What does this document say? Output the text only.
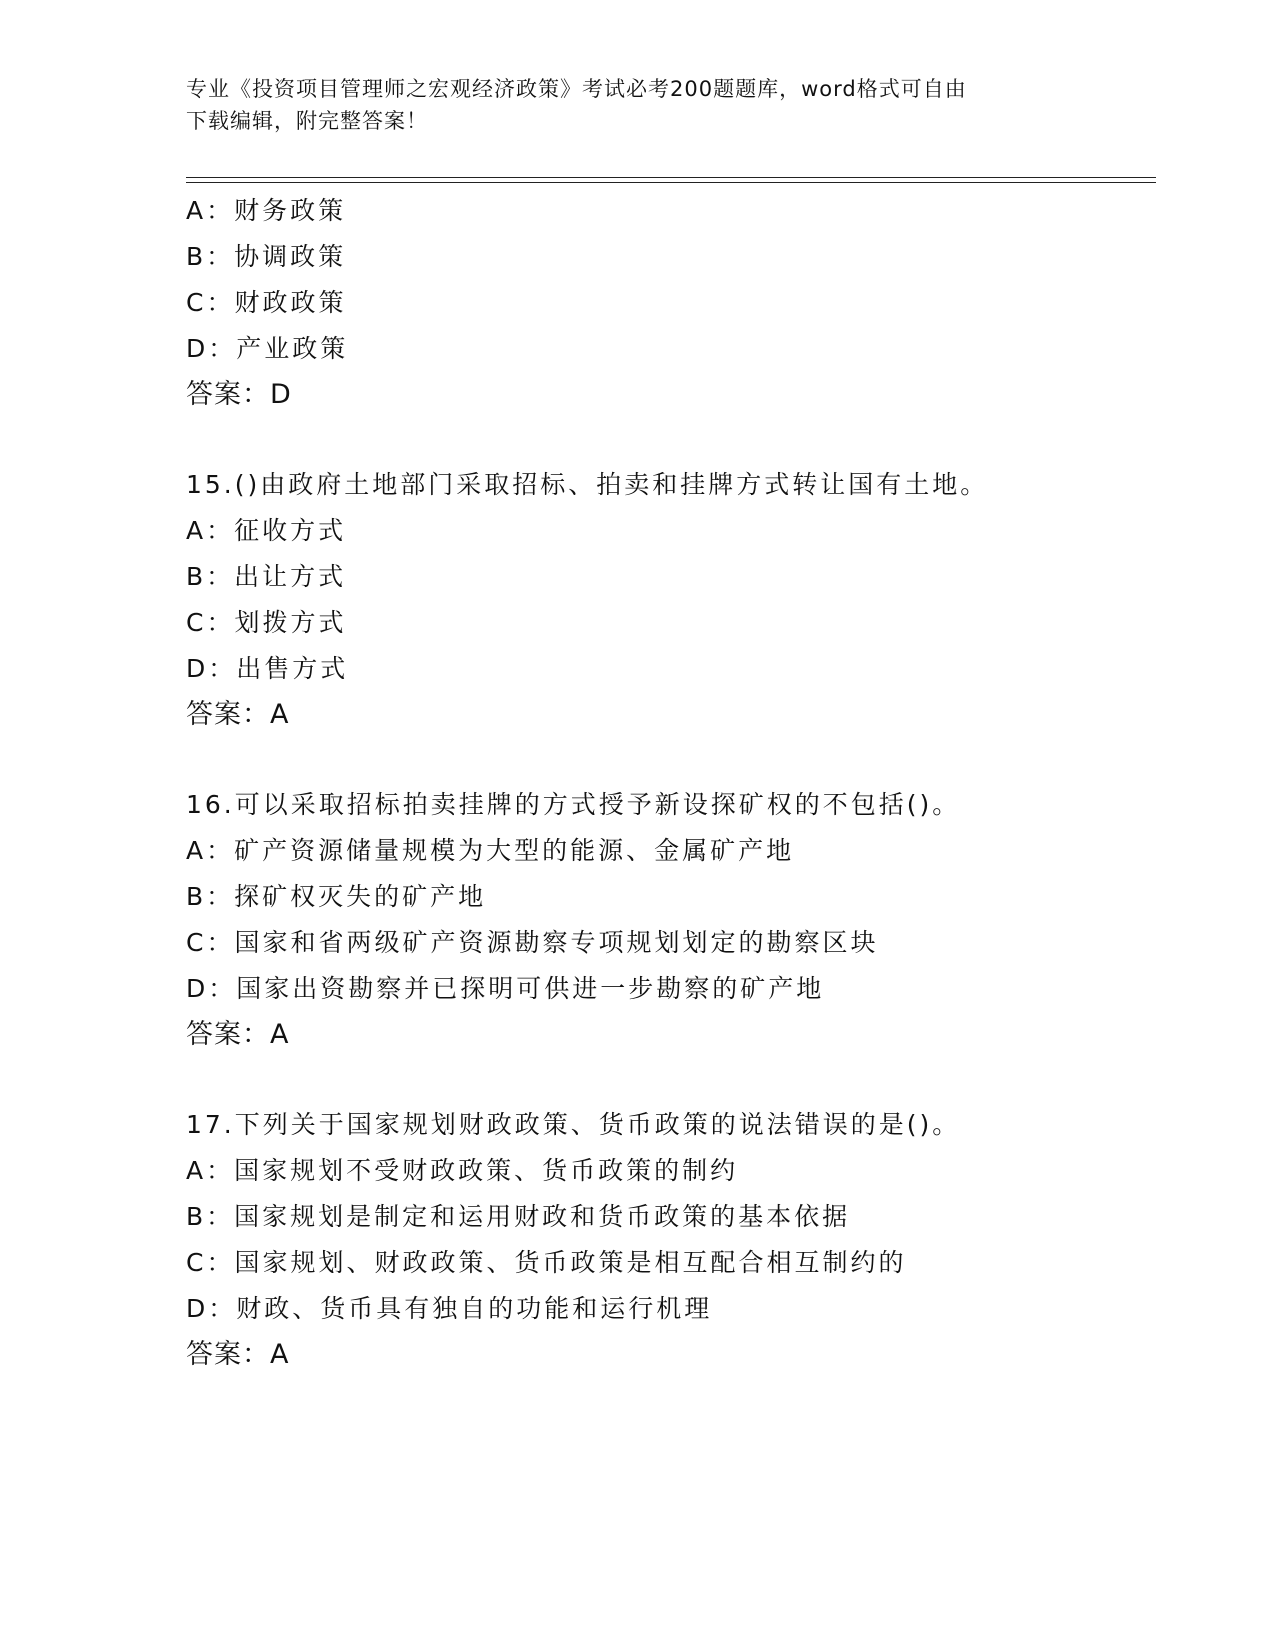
专业《投资项目管理师之宏观经济政策》考试必考200题题库，word格式可自由
下载编辑，附完整答案！
A：财务政策
B：协调政策
C：财政政策
D：产业政策
答案：D
15.()由政府土地部门采取招标、拍卖和挂牌方式转让国有土地。
A：征收方式
B：出让方式
C：划拨方式
D：出售方式
答案：A
16.可以采取招标拍卖挂牌的方式授予新设探矿权的不包括()。
A：矿产资源储量规模为大型的能源、金属矿产地
B：探矿权灭失的矿产地
C：国家和省两级矿产资源勘察专项规划划定的勘察区块
D：国家出资勘察并已探明可供进一步勘察的矿产地
答案：A
17.下列关于国家规划财政政策、货币政策的说法错误的是()。
A：国家规划不受财政政策、货币政策的制约
B：国家规划是制定和运用财政和货币政策的基本依据
C：国家规划、财政政策、货币政策是相互配合相互制约的
D：财政、货币具有独自的功能和运行机理
答案：A
